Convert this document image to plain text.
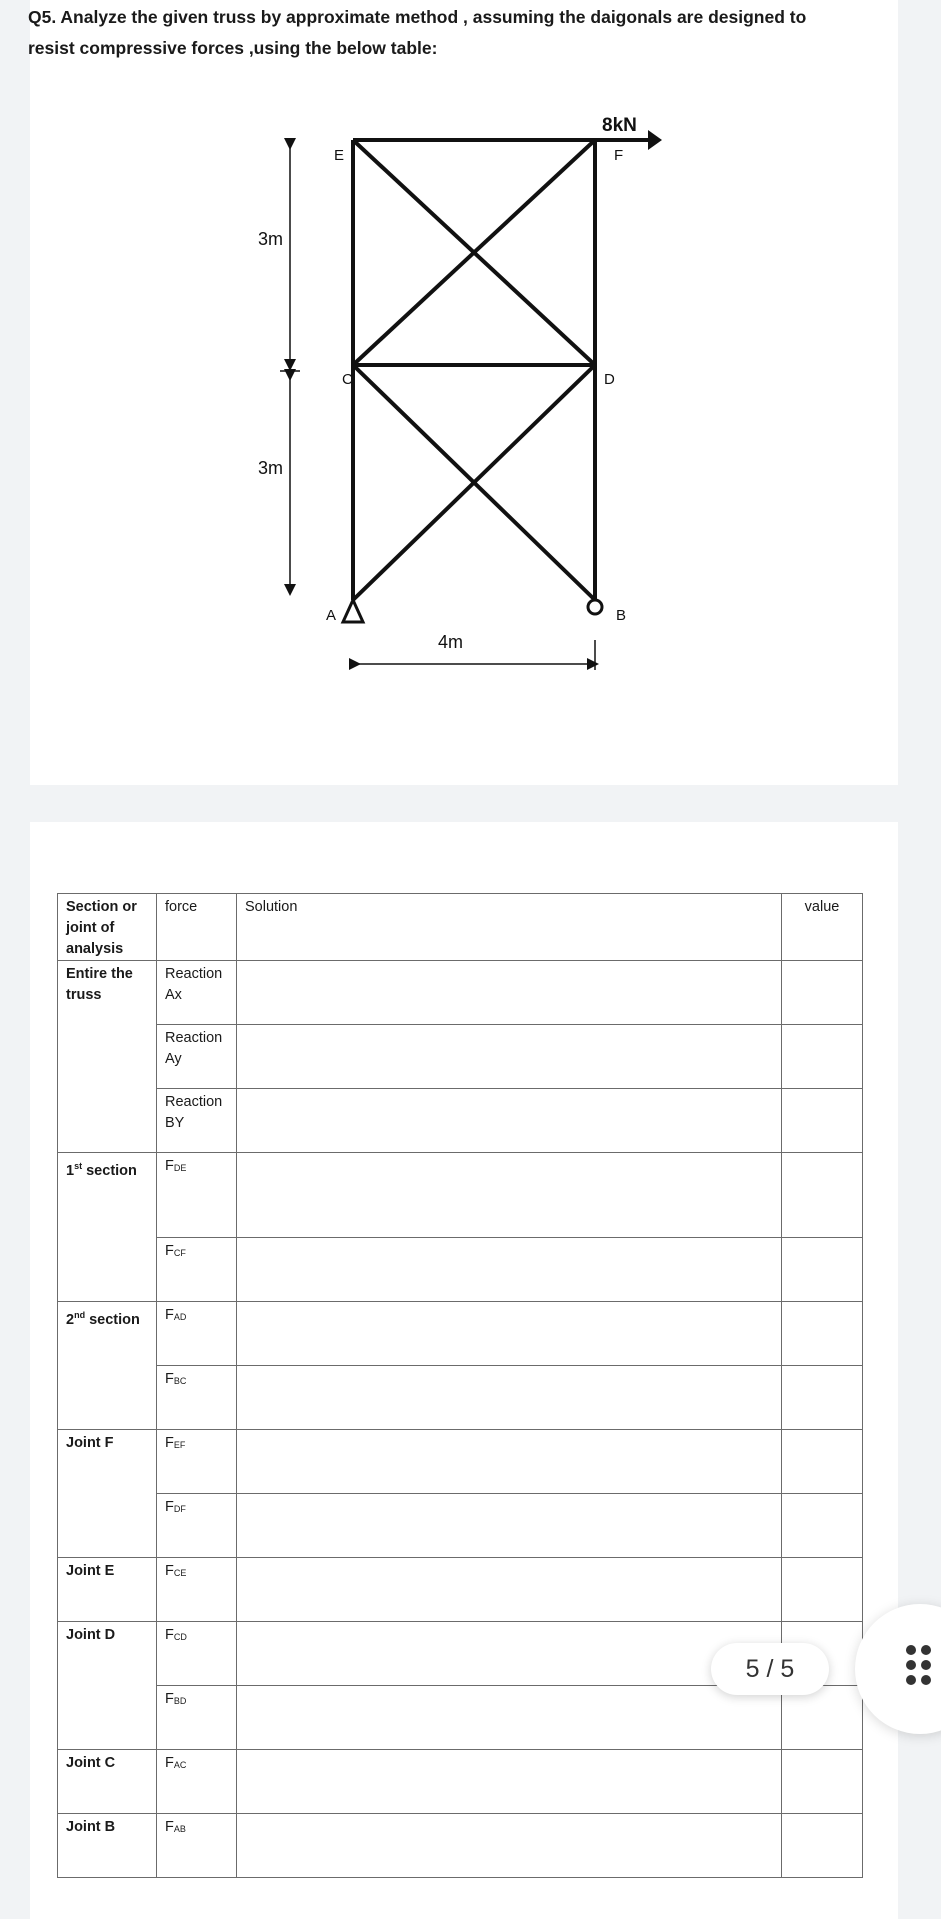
Q5. Analyze the given truss by approximate method , assuming the daigonals are designed to

resist compressive forces ,using the below table:

8kN
E	F
C	D
A	B
3m
3m
4m
Section or joint of analysis	force	Solution	value
Entire the truss	Reaction Ax		
	Reaction Ay		
	Reaction BY		
1st section	$F_{DE}$		
	$F_{CF}$		
2nd section	$F_{AD}$		
	$F_{BC}$		
Joint F	$F_{EF}$		
	$F_{DF}$		
Joint E	$F_{CE}$		
Joint D	$F_{CD}$		
	$F_{BD}$		
Joint C	$F_{AC}$		
Joint B	$F_{AB}$		
5 / 5
